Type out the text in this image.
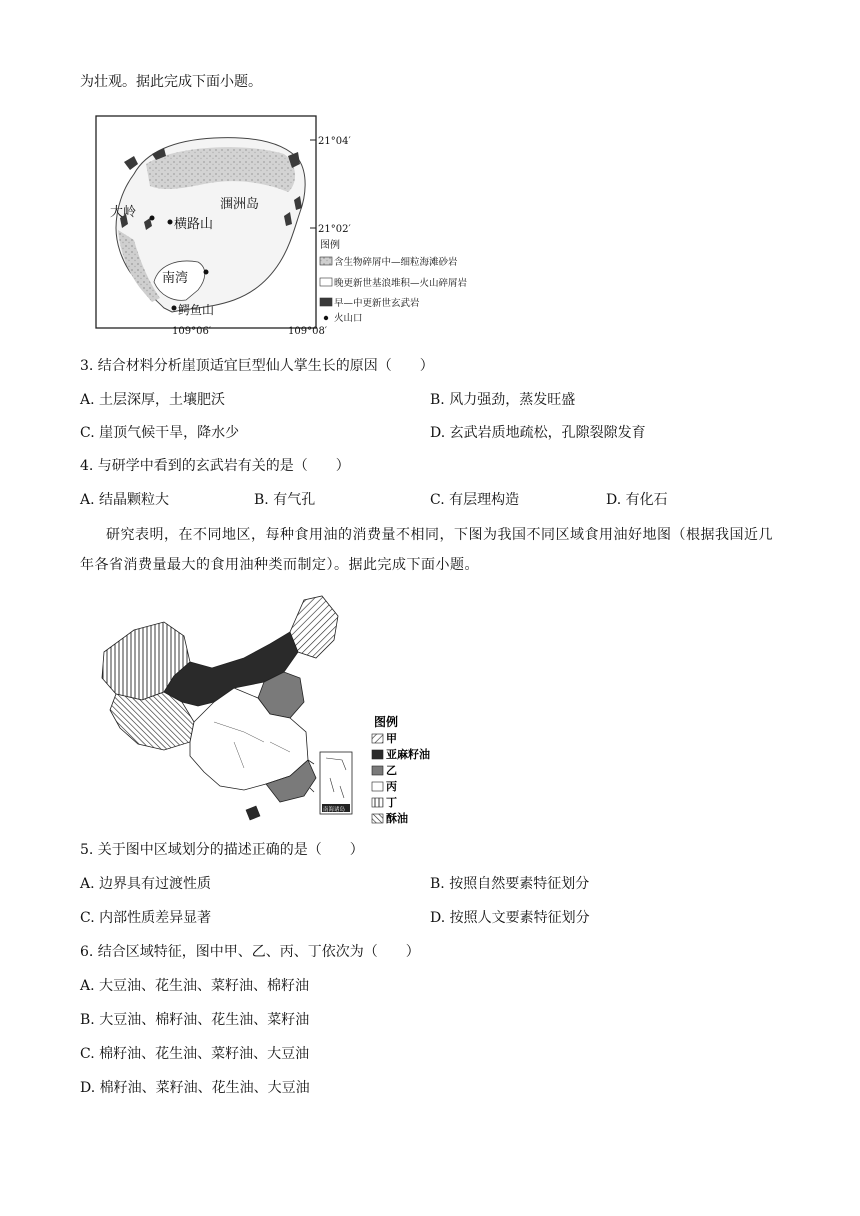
为壮观。据此完成下面小题。
涠洲岛
大岭
横路山
南湾
鳄鱼山
21°04′
21°02′
109°06′	109°08′
图例
含生物碎屑中—细粒海滩砂岩
晚更新世基浪堆积—火山碎屑岩
早—中更新世玄武岩
火山口
3. 结合材料分析崖顶适宜巨型仙人掌生长的原因（　　）
A. 土层深厚，土壤肥沃	B. 风力强劲，蒸发旺盛
C. 崖顶气候干旱，降水少	D. 玄武岩质地疏松，孔隙裂隙发育
4. 与研学中看到的玄武岩有关的是（　　）
A. 结晶颗粒大	B. 有气孔	C. 有层理构造	D. 有化石
研究表明，在不同地区，每种食用油的消费量不相同，下图为我国不同区域食用油好地图（根据我国近几年各省消费量最大的食用油种类而制定）。据此完成下面小题。
南海诸岛
图例
甲
亚麻籽油
乙
丙
丁
酥油
5. 关于图中区域划分的描述正确的是（　　）
A. 边界具有过渡性质	B. 按照自然要素特征划分
C. 内部性质差异显著	D. 按照人文要素特征划分
6. 结合区域特征，图中甲、乙、丙、丁依次为（　　）
A. 大豆油、花生油、菜籽油、棉籽油
B. 大豆油、棉籽油、花生油、菜籽油
C. 棉籽油、花生油、菜籽油、大豆油
D. 棉籽油、菜籽油、花生油、大豆油
